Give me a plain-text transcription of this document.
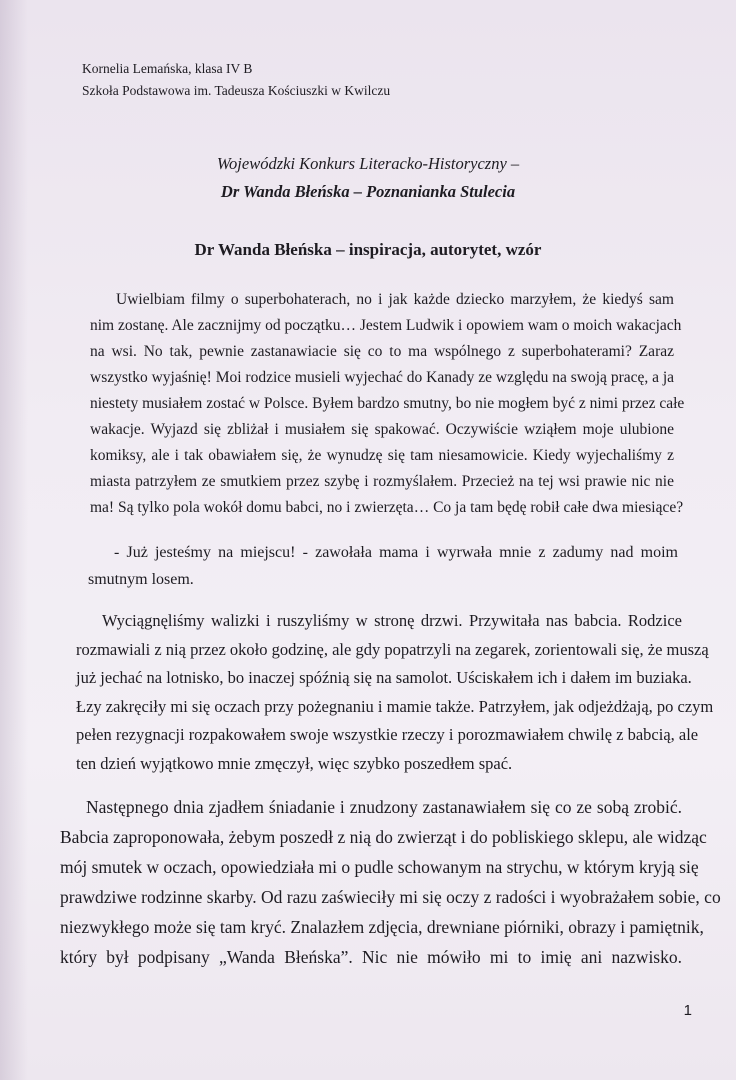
Kornelia Lemańska, klasa IV B
Szkoła Podstawowa im. Tadeusza Kościuszki w Kwilczu
Wojewódzki Konkurs Literacko-Historyczny –
Dr Wanda Błeńska – Poznanianka Stulecia
Dr Wanda Błeńska – inspiracja, autorytet, wzór
Uwielbiam filmy o superbohaterach, no i jak każde dziecko marzyłem, że kiedyś sam
nim zostanę. Ale zacznijmy od początku… Jestem Ludwik i opowiem wam o moich wakacjach
na wsi. No tak, pewnie zastanawiacie się co to ma wspólnego z superbohaterami? Zaraz
wszystko wyjaśnię! Moi rodzice musieli wyjechać do Kanady ze względu na swoją pracę, a ja
niestety musiałem zostać w Polsce. Byłem bardzo smutny, bo nie mogłem być z nimi przez całe
wakacje. Wyjazd się zbliżał i musiałem się spakować. Oczywiście wziąłem moje ulubione
komiksy, ale i tak obawiałem się, że wynudzę się tam niesamowicie. Kiedy wyjechaliśmy z
miasta patrzyłem ze smutkiem przez szybę i rozmyślałem. Przecież na tej wsi prawie nic nie
ma! Są tylko pola wokół domu babci, no i zwierzęta… Co ja tam będę robił całe dwa miesiące?
- Już jesteśmy na miejscu! - zawołała mama i wyrwała mnie z zadumy nad moim
smutnym losem.
Wyciągnęliśmy walizki i ruszyliśmy w stronę drzwi. Przywitała nas babcia. Rodzice
rozmawiali z nią przez około godzinę, ale gdy popatrzyli na zegarek, zorientowali się, że muszą
już jechać na lotnisko, bo inaczej spóźnią się na samolot. Uściskałem ich i dałem im buziaka.
Łzy zakręciły mi się oczach przy pożegnaniu i mamie także. Patrzyłem, jak odjeżdżają, po czym
pełen rezygnacji rozpakowałem swoje wszystkie rzeczy i porozmawiałem chwilę z babcią, ale
ten dzień wyjątkowo mnie zmęczył, więc szybko poszedłem spać.
Następnego dnia zjadłem śniadanie i znudzony zastanawiałem się co ze sobą zrobić.
Babcia zaproponowała, żebym poszedł z nią do zwierząt i do pobliskiego sklepu, ale widząc
mój smutek w oczach, opowiedziała mi o pudle schowanym na strychu, w którym kryją się
prawdziwe rodzinne skarby. Od razu zaświeciły mi się oczy z radości i wyobrażałem sobie, co
niezwykłego może się tam kryć. Znalazłem zdjęcia, drewniane piórniki, obrazy i pamiętnik,
który był podpisany „Wanda Błeńska”. Nic nie mówiło mi to imię ani nazwisko.
1
